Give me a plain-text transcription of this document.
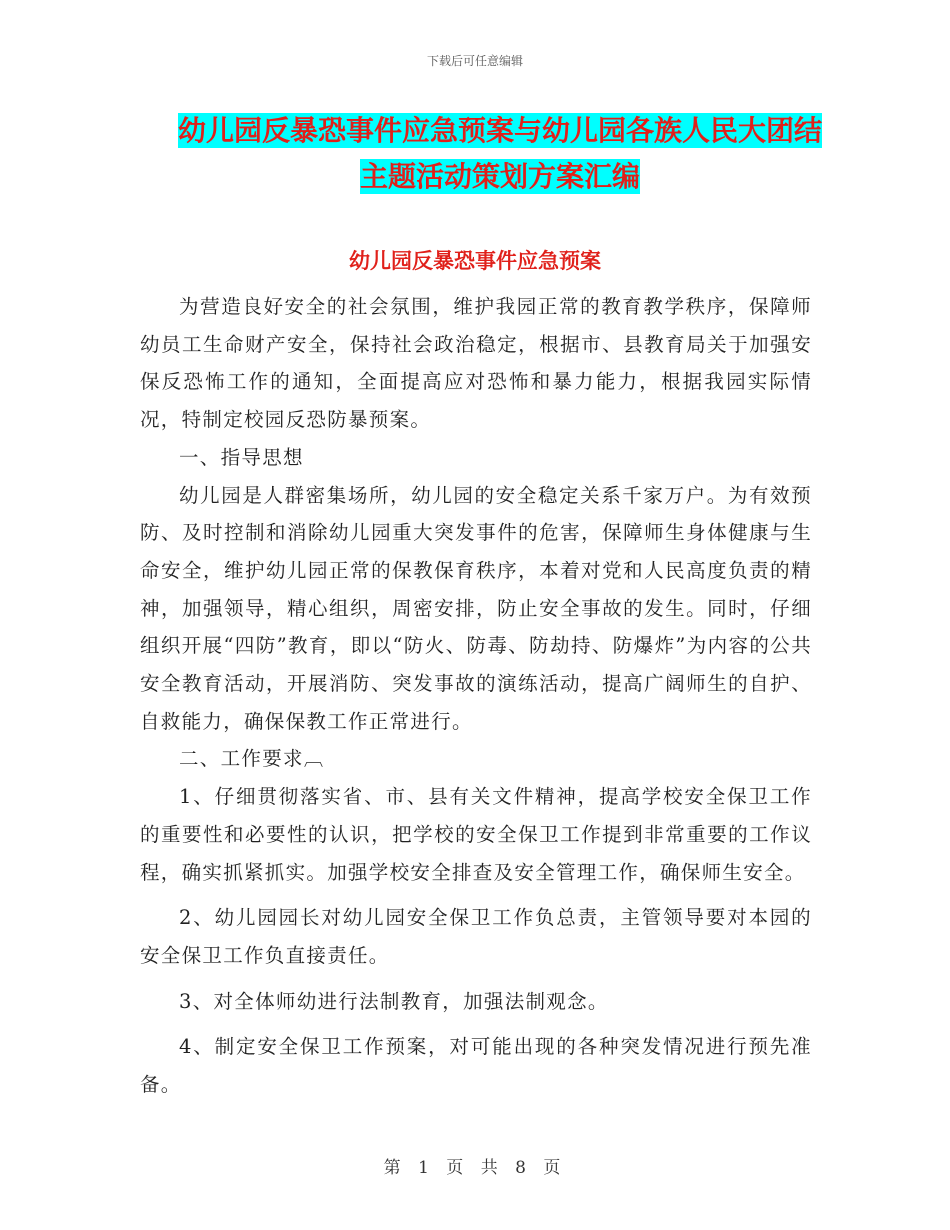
下载后可任意编辑
幼儿园反暴恐事件应急预案与幼儿园各族人民大团结
主题活动策划方案汇编
幼儿园反暴恐事件应急预案

为营造良好安全的社会氛围，维护我园正常的教育教学秩序，保障师幼员工生命财产安全，保持社会政治稳定，根据市、县教育局关于加强安保反恐怖工作的通知，全面提高应对恐怖和暴力能力，根据我园实际情况，特制定校园反恐防暴预案。

一、指导思想

幼儿园是人群密集场所，幼儿园的安全稳定关系千家万户。为有效预防、及时控制和消除幼儿园重大突发事件的危害，保障师生身体健康与生命安全，维护幼儿园正常的保教保育秩序，本着对党和人民高度负责的精神，加强领导，精心组织，周密安排，防止安全事故的发生。同时，仔细组织开展“四防”教育，即以“防火、防毒、防劫持、防爆炸”为内容的公共安全教育活动，开展消防、突发事故的演练活动，提高广阔师生的自护、自救能力，确保保教工作正常进行。

二、工作要求︹

1、仔细贯彻落实省、市、县有关文件精神，提高学校安全保卫工作的重要性和必要性的认识，把学校的安全保卫工作提到非常重要的工作议程，确实抓紧抓实。加强学校安全排查及安全管理工作，确保师生安全。

2、幼儿园园长对幼儿园安全保卫工作负总责，主管领导要对本园的安全保卫工作负直接责任。

3、对全体师幼进行法制教育，加强法制观念。

4、制定安全保卫工作预案，对可能出现的各种突发情况进行预先准备。

第 1 页 共 8 页
